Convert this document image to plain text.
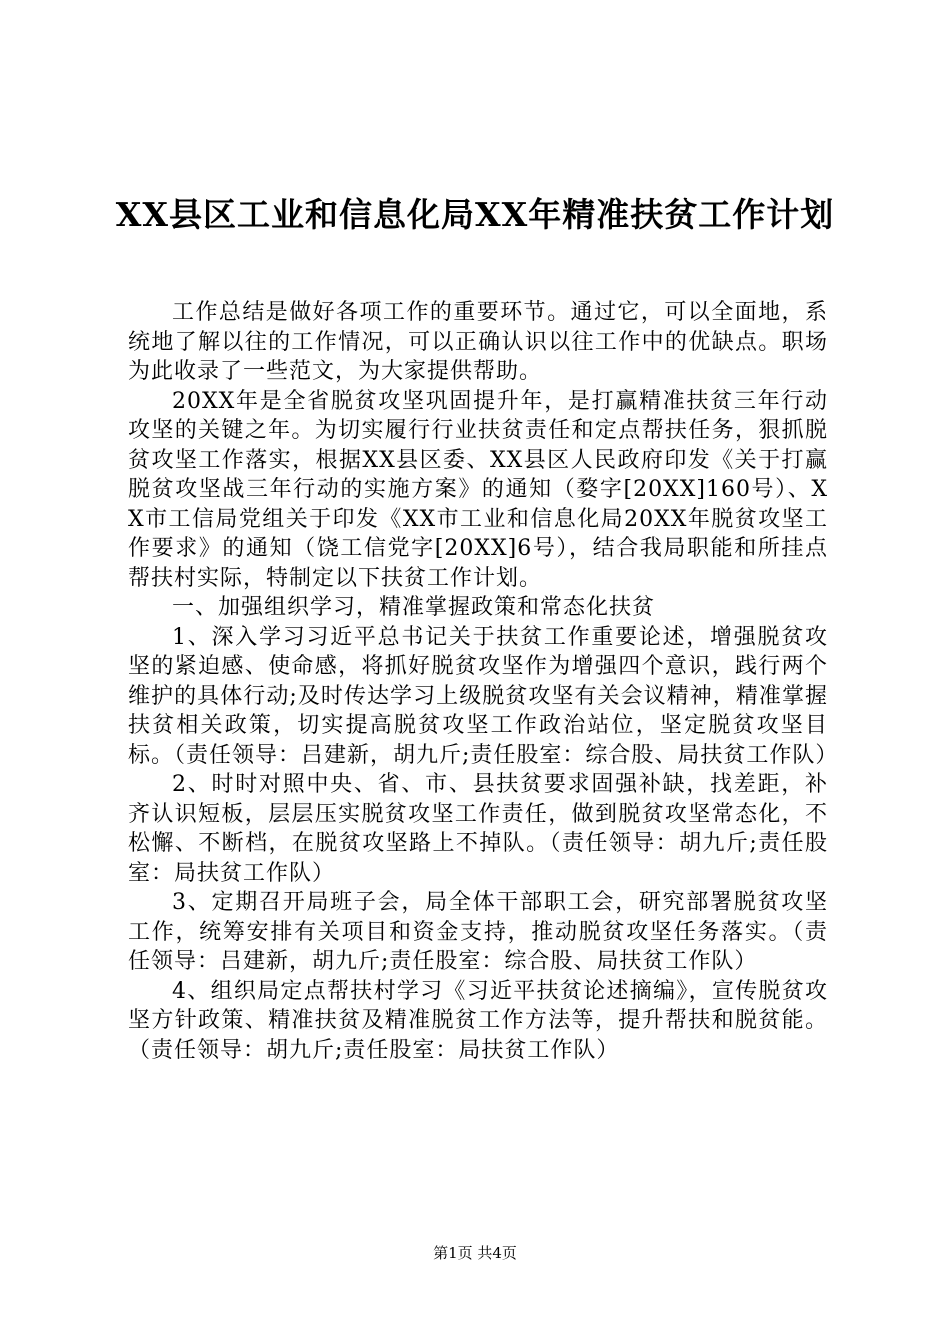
XX县区工业和信息化局XX年精准扶贫工作计划

工作总结是做好各项工作的重要环节。通过它，可以全面地，系统地了解以往的工作情况，可以正确认识以往工作中的优缺点。职场为此收录了一些范文，为大家提供帮助。

20XX年是全省脱贫攻坚巩固提升年，是打赢精准扶贫三年行动攻坚的关键之年。为切实履行行业扶贫责任和定点帮扶任务，狠抓脱贫攻坚工作落实，根据XX县区委、XX县区人民政府印发《关于打赢脱贫攻坚战三年行动的实施方案》的通知（婺字[20XX]160号）、XX市工信局党组关于印发《XX市工业和信息化局20XX年脱贫攻坚工作要求》的通知（饶工信党字[20XX]6号），结合我局职能和所挂点帮扶村实际，特制定以下扶贫工作计划。

一、加强组织学习，精准掌握政策和常态化扶贫

1、深入学习习近平总书记关于扶贫工作重要论述，增强脱贫攻坚的紧迫感、使命感，将抓好脱贫攻坚作为增强四个意识，践行两个维护的具体行动;及时传达学习上级脱贫攻坚有关会议精神，精准掌握扶贫相关政策，切实提高脱贫攻坚工作政治站位，坚定脱贫攻坚目标。（责任领导：吕建新，胡九斤;责任股室：综合股、局扶贫工作队）

2、时时对照中央、省、市、县扶贫要求固强补缺，找差距，补齐认识短板，层层压实脱贫攻坚工作责任，做到脱贫攻坚常态化，不松懈、不断档，在脱贫攻坚路上不掉队。（责任领导：胡九斤;责任股室：局扶贫工作队）

3、定期召开局班子会，局全体干部职工会，研究部署脱贫攻坚工作，统筹安排有关项目和资金支持，推动脱贫攻坚任务落实。（责任领导：吕建新，胡九斤;责任股室：综合股、局扶贫工作队）

4、组织局定点帮扶村学习《习近平扶贫论述摘编》，宣传脱贫攻坚方针政策、精准扶贫及精准脱贫工作方法等，提升帮扶和脱贫能。（责任领导：胡九斤;责任股室：局扶贫工作队）

第1页 共4页
